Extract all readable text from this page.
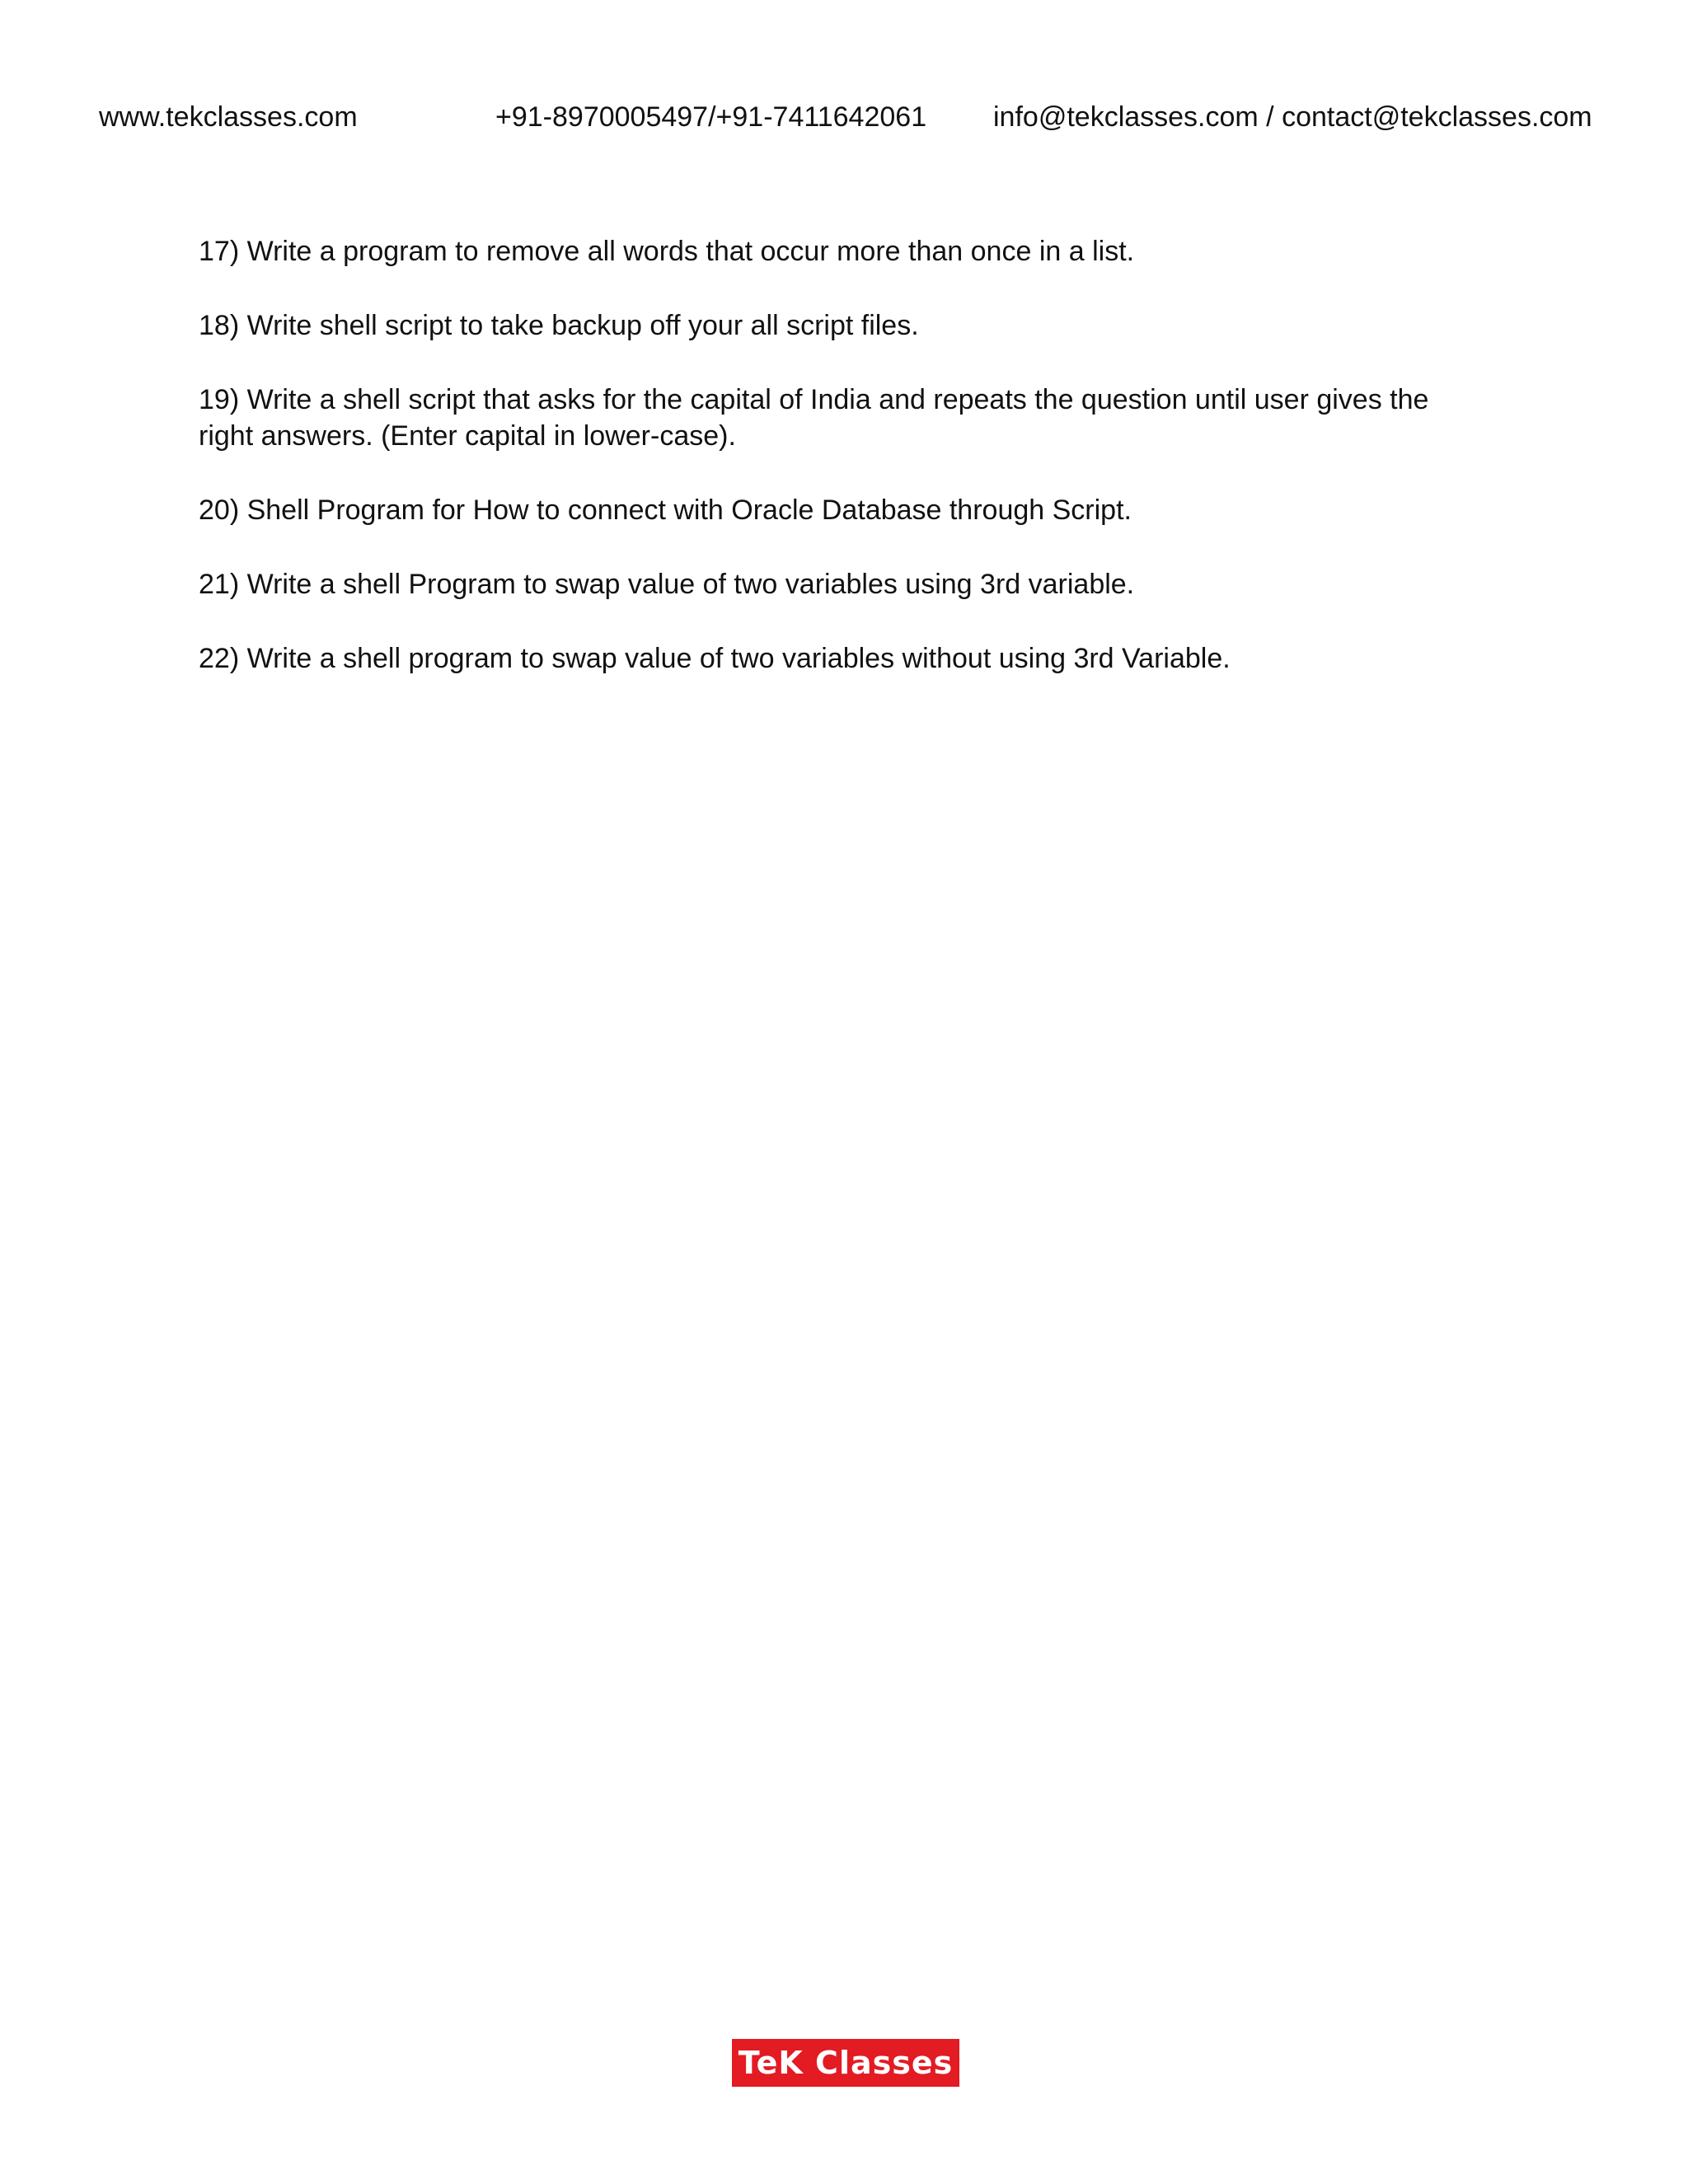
www.tekclasses.com	+91-8970005497/+91-7411642061 info@tekclasses.com / contact@tekclasses.com
17) Write a program to remove all words that occur more than once in a list.
18) Write shell script to take backup off your all script files.
19) Write a shell script that asks for the capital of India and repeats the question until user gives the right answers. (Enter capital in lower-case).
20) Shell Program for How to connect with Oracle Database through Script.
21) Write a shell Program to swap value of two variables using 3rd variable.
22) Write a shell program to swap value of two variables without using 3rd Variable.
TeK Classes
